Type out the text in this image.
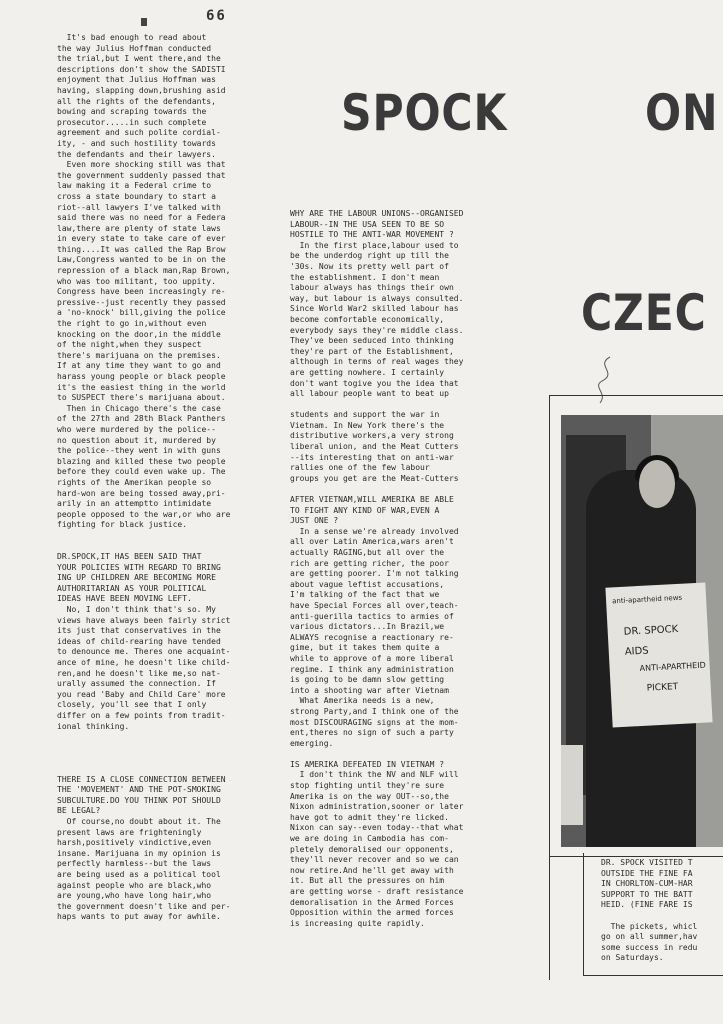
66

It's bad enough to read about

the way Julius Hoffman conducted

the trial,but I went there,and the

descriptions don't show the SADISTI

enjoyment that Julius Hoffman was

having, slapping down,brushing asid

all the rights of the defendants,

bowing and scraping towards the

prosecutor.....in such complete

agreement and such polite cordial-

ity, - and such hostility towards

the defendants and their lawyers.

Even more shocking still was that

the government suddenly passed that

law making it a Federal crime to

cross a state boundary to start a

riot--all lawyers I've talked with

said there was no need for a Federa

law,there are plenty of state laws

in every state to take care of ever

thing....It was called the Rap Brow

Law,Congress wanted to be in on the

repression of a black man,Rap Brown,

who was too militant, too uppity.

Congress have been increasingly re-

pressive--just recently they passed

a 'no-knock' bill,giving the police

the right to go in,without even

knocking on the door,in the middle

of the night,when they suspect

there's marijuana on the premises.

If at any time they want to go and

harass young people or black people

it's the easiest thing in the world

to SUSPECT there's marijuana about.

Then in Chicago there's the case

of the 27th and 28th Black Panthers

who were murdered by the police--

no question about it, murdered by

the police--they went in with guns

blazing and killed these two people

before they could even wake up. The

rights of the Amerikan people so

hard-won are being tossed away,pri-

arily in an attemptto intimidate

people opposed to the war,or who are

fighting for black justice.

DR.SPOCK,IT HAS BEEN SAID THAT

YOUR POLICIES WITH REGARD TO BRING

ING UP CHILDREN ARE BECOMING MORE

AUTHORITARIAN AS YOUR POLITICAL

IDEAS HAVE BEEN MOVING LEFT.

No, I don't think that's so. My

views have always been fairly strict

its just that conservatives in the

ideas of child-rearing have tended

to denounce me. Theres one acquaint-

ance of mine, he doesn't like child-

ren,and he doesn't like me,so nat-

urally assumed the connection. If

you read 'Baby and Child Care' more

closely, you'll see that I only

differ on a few points from tradit-

ional thinking.

THERE IS A CLOSE CONNECTION BETWEEN

THE 'MOVEMENT' AND THE POT-SMOKING

SUBCULTURE.DO YOU THINK POT SHOULD

BE LEGAL?

Of course,no doubt about it. The

present laws are frighteningly

harsh,positively vindictive,even

insane. Marijuana in my opinion is

perfectly harmless--but the laws

are being used as a political tool

against people who are black,who

are young,who have long hair,who

the government doesn't like and per-

haps wants to put away for awhile.

WHY ARE THE LABOUR UNIONS--ORGANISED

LABOUR--IN THE USA SEEN TO BE SO

HOSTILE TO THE ANTI-WAR MOVEMENT ?

In the first place,labour used to

be the underdog right up till the

'30s. Now its pretty well part of

the establishment. I don't mean

labour always has things their own

way, but labour is always consulted.

Since World War2 skilled labour has

become comfortable economically,

everybody says they're middle class.

They've been seduced into thinking

they're part of the Establishment,

although in terms of real wages they

are getting nowhere. I certainly

don't want togive you the idea that

all labour people want to beat up

students and support the war in

Vietnam. In New York there's the

distributive workers,a very strong

liberal union, and the Meat Cutters

--its interesting that on anti-war

rallies one of the few labour

groups you get are the Meat-Cutters

AFTER VIETNAM,WILL AMERIKA BE ABLE

TO FIGHT ANY KIND OF WAR,EVEN A

JUST ONE ?

In a sense we're already involved

all over Latin America,wars aren't

actually RAGING,but all over the

rich are getting richer, the poor

are getting poorer. I'm not talking

about vague leftist accusations,

I'm talking of the fact that we

have Special Forces all over,teach-

anti-guerilla tactics to armies of

various dictators...In Brazil,we

ALWAYS recognise a reactionary re-

gime, but it takes them quite a

while to approve of a more liberal

regime. I think any administration

is going to be damn slow getting

into a shooting war after Vietnam

What Amerika needs is a new,

strong Party,and I think one of the

most DISCOURAGING signs at the mom-

ent,theres no sign of such a party

emerging.

IS AMERIKA DEFEATED IN VIETNAM ?

I don't think the NV and NLF will

stop fighting until they're sure

Amerika is on the way OUT--so,the

Nixon administration,sooner or later

have got to admit they're licked.

Nixon can say--even today--that what

we are doing in Cambodia has com-

pletely demoralised our opponents,

they'll never recover and so we can

now retire.And he'll get away with

it. But all the pressures on him

are getting worse - draft resistance

demoralisation in the Armed Forces

Opposition within the armed forces

is increasing quite rapidly.

SPOCK	ON
CZEC
anti-apartheid news
DR. SPOCK
AIDS
ANTI-APARTHEID
PICKET

DR. SPOCK VISITED T

OUTSIDE THE FINE FA

IN CHORLTON-CUM-HAR

SUPPORT TO THE BATT

HEID. (FINE FARE IS

The pickets, whicl

go on all summer,hav

some success in redu

on Saturdays.
